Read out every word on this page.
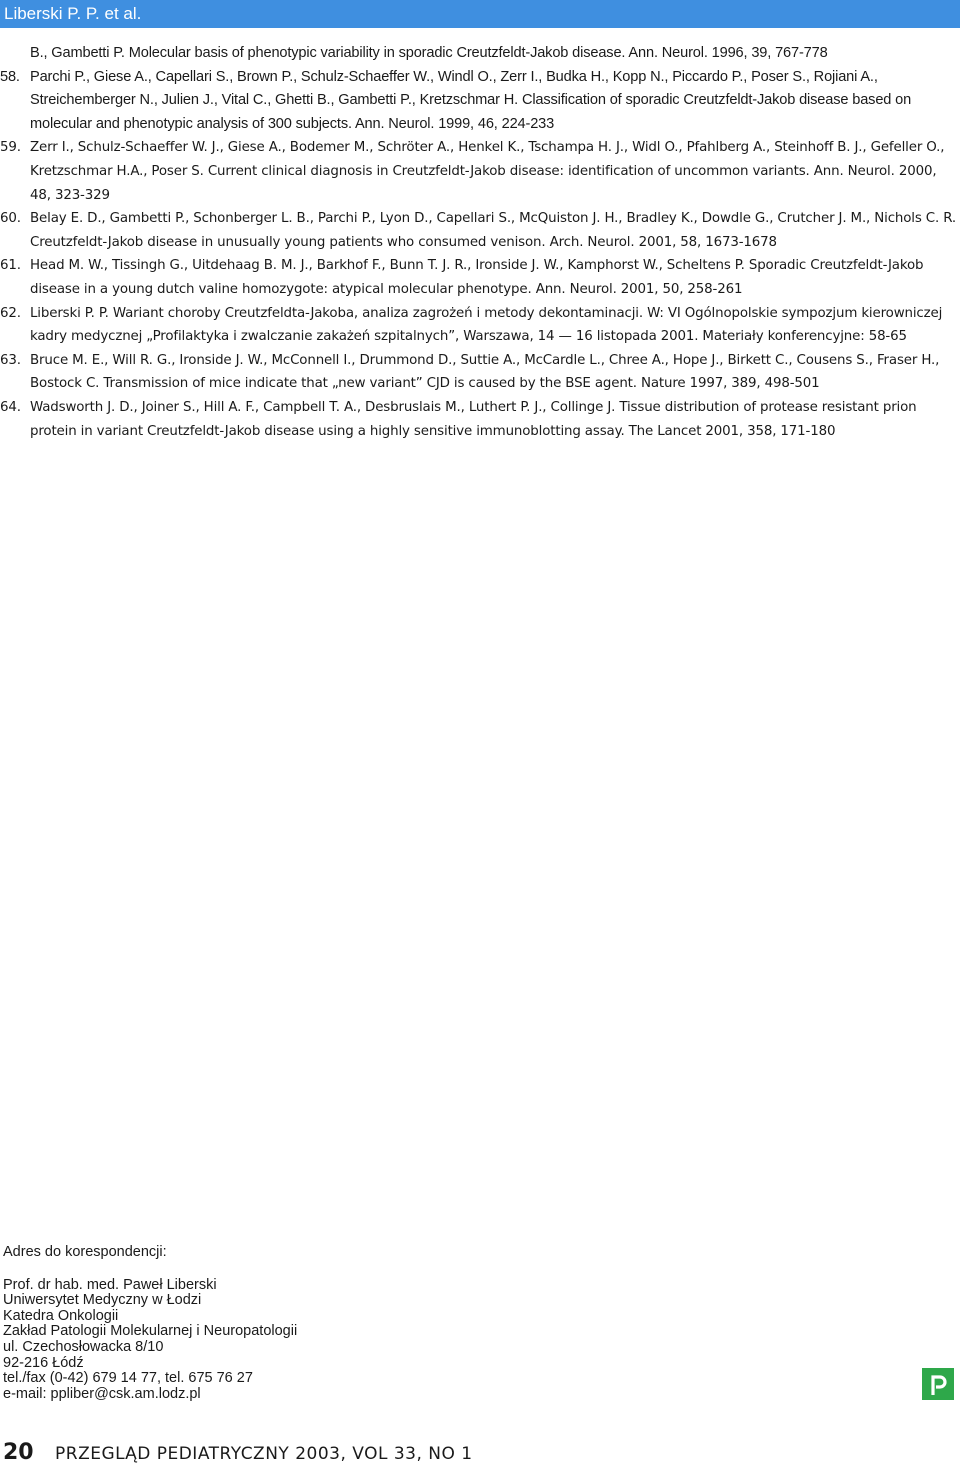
Liberski P. P. et al.
B., Gambetti P. Molecular basis of phenotypic variability in sporadic Creutzfeldt-Jakob disease. Ann. Neurol. 1996, 39, 767-778
58. Parchi P., Giese A., Capellari S., Brown P., Schulz-Schaeffer W., Windl O., Zerr I., Budka H., Kopp N., Piccardo P., Poser S., Rojiani A., Streichemberger N., Julien J., Vital C., Ghetti B., Gambetti P., Kretzschmar H. Classification of sporadic Creutzfeldt-Jakob disease based on molecular and phenotypic analysis of 300 subjects. Ann. Neurol. 1999, 46, 224-233
59. Zerr I., Schulz-Schaeffer W. J., Giese A., Bodemer M., Schröter A., Henkel K., Tschampa H. J., Widl O., Pfahlberg A., Steinhoff B. J., Gefeller O., Kretzschmar H.A., Poser S. Current clinical diagnosis in Creutzfeldt-Jakob disease: identification of uncommon variants. Ann. Neurol. 2000, 48, 323-329
60. Belay E. D., Gambetti P., Schonberger L. B., Parchi P., Lyon D., Capellari S., McQuiston J. H., Bradley K., Dowdle G., Crutcher J. M., Nichols C. R. Creutzfeldt-Jakob disease in unusually young patients who consumed venison. Arch. Neurol. 2001, 58, 1673-1678
61. Head M. W., Tissingh G., Uitdehaag B. M. J., Barkhof F., Bunn T. J. R., Ironside J. W., Kamphorst W., Scheltens P. Sporadic Creutzfeldt-Jakob disease in a young dutch valine homozygote: atypical molecular phenotype. Ann. Neurol. 2001, 50, 258-261
62. Liberski P. P. Wariant choroby Creutzfeldta-Jakoba, analiza zagrożeń i metody dekontaminacji. W: VI Ogólnopolskie sympozjum kierowniczej kadry medycznej „Profilaktyka i zwalczanie zakażeń szpitalnych”, Warszawa, 14 — 16 listopada 2001. Materiały konferencyjne: 58-65
63. Bruce M. E., Will R. G., Ironside J. W., McConnell I., Drummond D., Suttie A., McCardle L., Chree A., Hope J., Birkett C., Cousens S., Fraser H., Bostock C. Transmission of mice indicate that „new variant” CJD is caused by the BSE agent. Nature 1997, 389, 498-501
64. Wadsworth J. D., Joiner S., Hill A. F., Campbell T. A., Desbruslais M., Luthert P. J., Collinge J. Tissue distribution of protease resistant prion protein in variant Creutzfeldt-Jakob disease using a highly sensitive immunoblotting assay. The Lancet 2001, 358, 171-180
Adres do korespondencji:
Prof. dr hab. med. Paweł Liberski
Uniwersytet Medyczny w Łodzi
Katedra Onkologii
Zakład Patologii Molekularnej i Neuropatologii
ul. Czechosłowacka 8/10
92-216 Łódź
tel./fax (0-42) 679 14 77, tel. 675 76 27
e-mail: ppliber@csk.am.lodz.pl
20 PRZEGLĄD PEDIATRYCZNY 2003, VOL 33, NO 1
